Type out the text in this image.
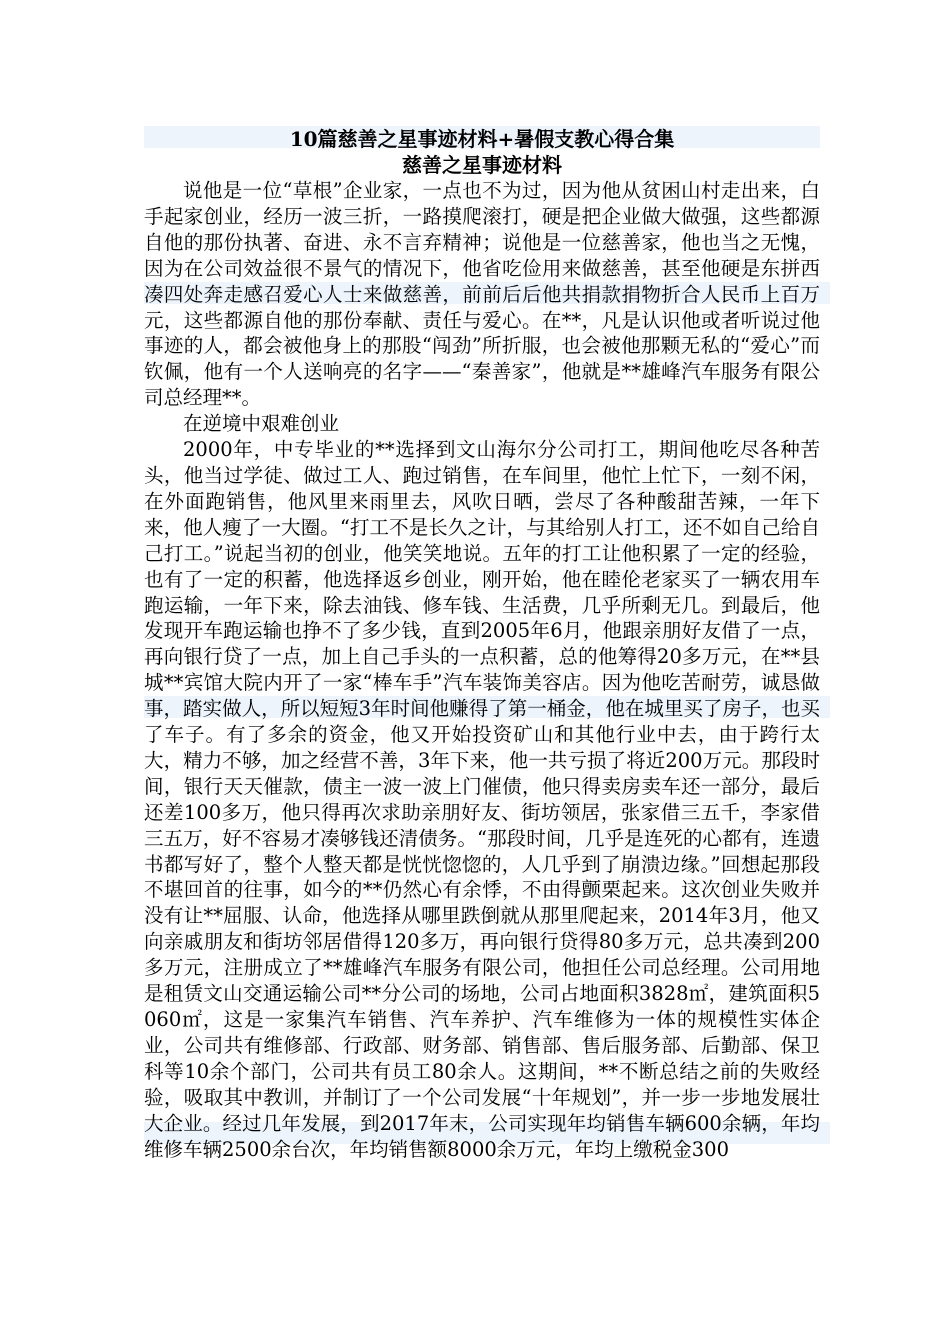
10篇慈善之星事迹材料+暑假支教心得合集
慈善之星事迹材料

说他是一位“草根”企业家，一点也不为过，因为他从贫困山村走出来，白手起家创业，经历一波三折，一路摸爬滚打，硬是把企业做大做强，这些都源自他的那份执著、奋进、永不言弃精神；说他是一位慈善家，他也当之无愧，因为在公司效益很不景气的情况下，他省吃俭用来做慈善，甚至他硬是东拼西凑四处奔走感召爱心人士来做慈善，前前后后他共捐款捐物折合人民币上百万元，这些都源自他的那份奉献、责任与爱心。在**，凡是认识他或者听说过他事迹的人，都会被他身上的那股“闯劲”所折服，也会被他那颗无私的“爱心”而钦佩，他有一个人送响亮的名字——“秦善家”，他就是**雄峰汽车服务有限公司总经理**。

在逆境中艰难创业

2000年，中专毕业的**选择到文山海尔分公司打工，期间他吃尽各种苦头，他当过学徒、做过工人、跑过销售，在车间里，他忙上忙下，一刻不闲，在外面跑销售，他风里来雨里去，风吹日晒，尝尽了各种酸甜苦辣，一年下来，他人瘦了一大圈。“打工不是长久之计，与其给别人打工，还不如自己给自己打工。”说起当初的创业，他笑笑地说。五年的打工让他积累了一定的经验，也有了一定的积蓄，他选择返乡创业，刚开始，他在睦伦老家买了一辆农用车跑运输，一年下来，除去油钱、修车钱、生活费，几乎所剩无几。到最后，他发现开车跑运输也挣不了多少钱，直到2005年6月，他跟亲朋好友借了一点，再向银行贷了一点，加上自己手头的一点积蓄，总的他筹得20多万元，在**县城**宾馆大院内开了一家“棒车手”汽车装饰美容店。因为他吃苦耐劳，诚恳做事，踏实做人，所以短短3年时间他赚得了第一桶金，他在城里买了房子，也买了车子。有了多余的资金，他又开始投资矿山和其他行业中去，由于跨行太大，精力不够，加之经营不善，3年下来，他一共亏损了将近200万元。那段时间，银行天天催款，债主一波一波上门催债，他只得卖房卖车还一部分，最后还差100多万，他只得再次求助亲朋好友、街坊领居，张家借三五千，李家借三五万，好不容易才凑够钱还清债务。“那段时间，几乎是连死的心都有，连遗书都写好了，整个人整天都是恍恍惚惚的，人几乎到了崩溃边缘。”回想起那段不堪回首的往事，如今的**仍然心有余悸，不由得颤栗起来。这次创业失败并没有让**屈服、认命，他选择从哪里跌倒就从那里爬起来，2014年3月，他又向亲戚朋友和街坊邻居借得120多万，再向银行贷得80多万元，总共凑到200多万元，注册成立了**雄峰汽车服务有限公司，他担任公司总经理。公司用地是租赁文山交通运输公司**分公司的场地，公司占地面积3828㎡，建筑面积5060㎡，这是一家集汽车销售、汽车养护、汽车维修为一体的规模性实体企业，公司共有维修部、行政部、财务部、销售部、售后服务部、后勤部、保卫科等10余个部门，公司共有员工80余人。这期间，**不断总结之前的失败经验，吸取其中教训，并制订了一个公司发展“十年规划”，并一步一步地发展壮大企业。经过几年发展，到2017年末，公司实现年均销售车辆600余辆，年均维修车辆2500余台次，年均销售额8000余万元，年均上缴税金300
